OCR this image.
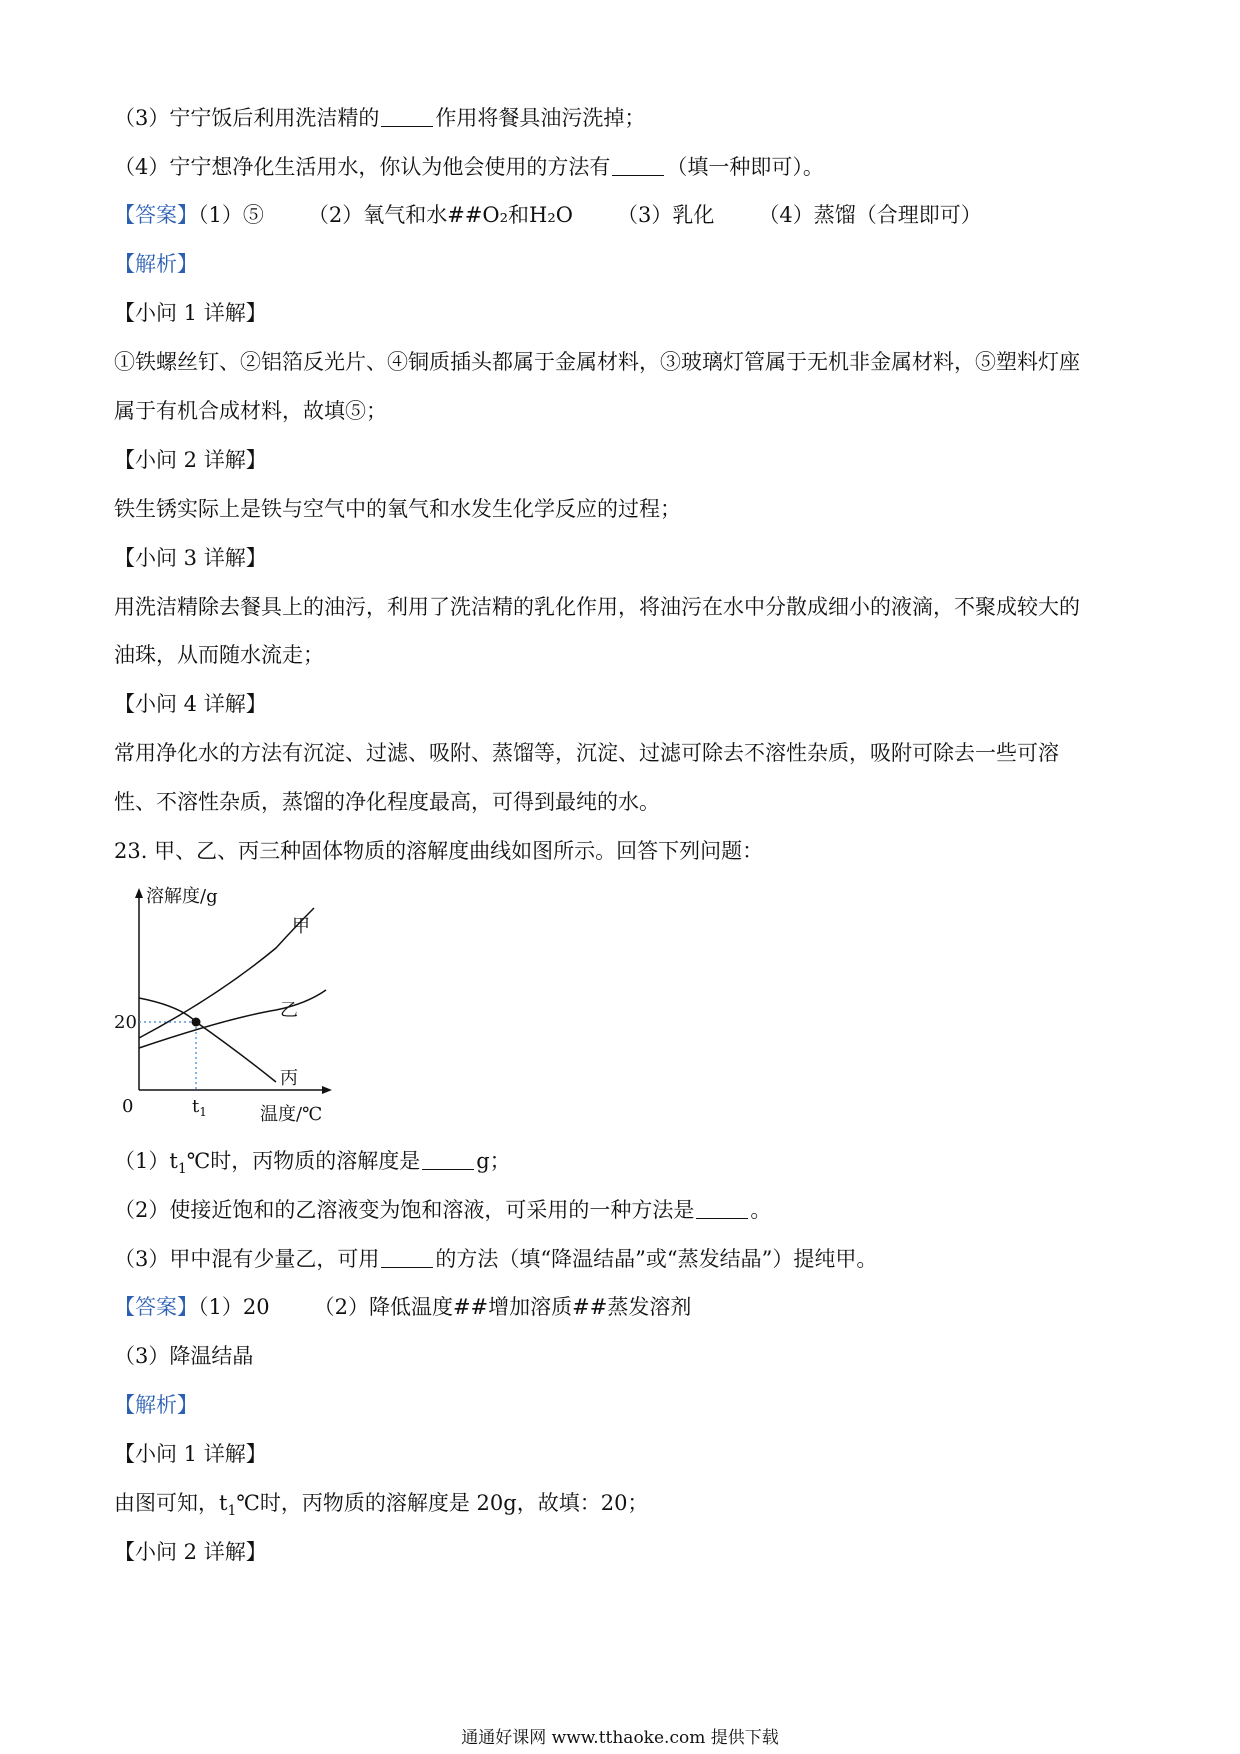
（3）宁宁饭后利用洗洁精的	作用将餐具油污洗掉；
（4）宁宁想净化生活用水，你认为他会使用的方法有	（填一种即可）。
【答案】（1）⑤ （2）氧气和水##O₂和H₂O （3）乳化 （4）蒸馏（合理即可）
【解析】
【小问 1 详解】
①铁螺丝钉、②铝箔反光片、④铜质插头都属于金属材料，③玻璃灯管属于无机非金属材料，⑤塑料灯座
属于有机合成材料，故填⑤；
【小问 2 详解】
铁生锈实际上是铁与空气中的氧气和水发生化学反应的过程；
【小问 3 详解】
用洗洁精除去餐具上的油污，利用了洗洁精的乳化作用，将油污在水中分散成细小的液滴，不聚成较大的
油珠，从而随水流走；
【小问 4 详解】
常用净化水的方法有沉淀、过滤、吸附、蒸馏等，沉淀、过滤可除去不溶性杂质，吸附可除去一些可溶
性、不溶性杂质，蒸馏的净化程度最高，可得到最纯的水。
23. 甲、乙、丙三种固体物质的溶解度曲线如图所示。回答下列问题：
溶解度/g
温度/℃
0
20
$t_1$
甲
乙
丙
$(1)t_1℃$时，丙物质的溶解度是	g；
（2）使接近饱和的乙溶液变为饱和溶液，可采用的一种方法是	。
（3）甲中混有少量乙，可用	的方法（填“降温结晶”或“蒸发结晶”）提纯甲。
【答案】（1）20 （2）降低温度##增加溶质##蒸发溶剂
（3）降温结晶
【解析】
【小问 1 详解】
由图可知，$t_1℃$时，丙物质的溶解度是 20g，故填：20；
【小问 2 详解】
通通好课网 www.tthaoke.com 提供下载
